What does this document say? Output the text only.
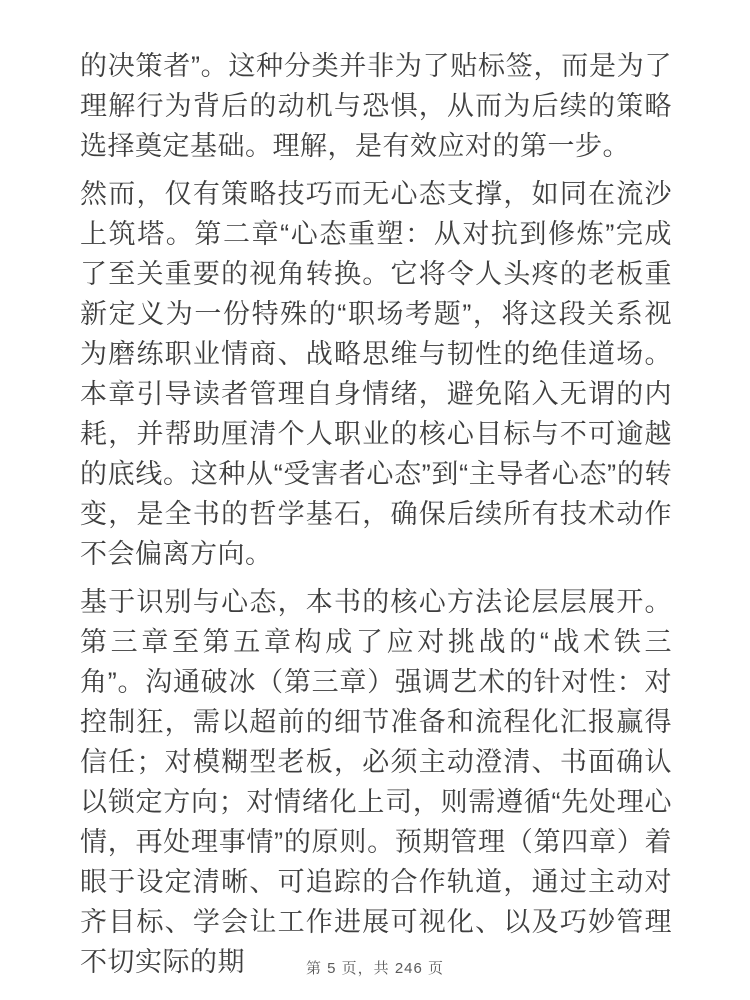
的决策者”。这种分类并非为了贴标签，而是为了理解行为背后的动机与恐惧，从而为后续的策略选择奠定基础。理解，是有效应对的第一步。

然而，仅有策略技巧而无心态支撑，如同在流沙上筑塔。第二章“心态重塑：从对抗到修炼”完成了至关重要的视角转换。它将令人头疼的老板重新定义为一份特殊的“职场考题”，将这段关系视为磨练职业情商、战略思维与韧性的绝佳道场。本章引导读者管理自身情绪，避免陷入无谓的内耗，并帮助厘清个人职业的核心目标与不可逾越的底线。这种从“受害者心态”到“主导者心态”的转变，是全书的哲学基石，确保后续所有技术动作不会偏离方向。

基于识别与心态，本书的核心方法论层层展开。第三章至第五章构成了应对挑战的“战术铁三角”。沟通破冰（第三章）强调艺术的针对性：对控制狂，需以超前的细节准备和流程化汇报赢得信任；对模糊型老板，必须主动澄清、书面确认以锁定方向；对情绪化上司，则需遵循“先处理心情，再处理事情”的原则。预期管理（第四章）着眼于设定清晰、可追踪的合作轨道，通过主动对齐目标、学会让工作进展可视化、以及巧妙管理不切实际的期	第 5 页，共 246 页
